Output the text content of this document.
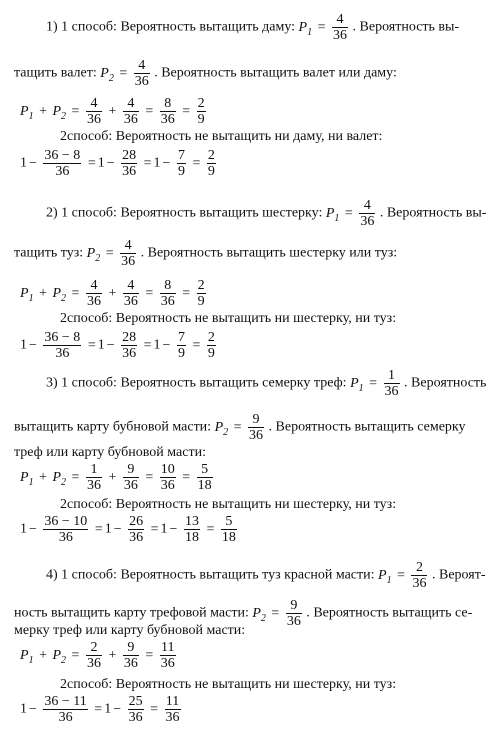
1) 1 способ: Вероятность вытащить даму: $P_1 = \frac{4}{36}$ . Вероятность вы-
тащить валет: $P_2 = \frac{4}{36}$ . Вероятность вытащить валет или даму:
$P_1 + P_2 = \frac{4}{36} + \frac{4}{36} = \frac{8}{36} = \frac{2}{9}$
2способ: Вероятность не вытащить ни даму, ни валет:
$1 - \frac{36 - 8}{36} = 1 - \frac{28}{36} = 1 - \frac{7}{9} = \frac{2}{9}$
2) 1 способ: Вероятность вытащить шестерку: $P_1 = \frac{4}{36}$ . Вероятность вы-
тащить туз: $P_2 = \frac{4}{36}$ . Вероятность вытащить шестерку или туз:
$P_1 + P_2 = \frac{4}{36} + \frac{4}{36} = \frac{8}{36} = \frac{2}{9}$
2способ: Вероятность не вытащить ни шестерку, ни туз:
$1 - \frac{36 - 8}{36} = 1 - \frac{28}{36} = 1 - \frac{7}{9} = \frac{2}{9}$
3) 1 способ: Вероятность вытащить семерку треф: $P_1 = \frac{1}{36}$ . Вероятность
вытащить карту бубновой масти: $P_2 = \frac{9}{36}$ . Вероятность вытащить семерку
треф или карту бубновой масти:
$P_1 + P_2 = \frac{1}{36} + \frac{9}{36} = \frac{10}{36} = \frac{5}{18}$
2способ: Вероятность не вытащить ни шестерку, ни туз:
$1 - \frac{36 - 10}{36} = 1 - \frac{26}{36} = 1 - \frac{13}{18} = \frac{5}{18}$
4) 1 способ: Вероятность вытащить туз красной масти: $P_1 = \frac{2}{36}$ . Вероят-
ность вытащить карту трефовой масти: $P_2 = \frac{9}{36}$ . Вероятность вытащить се-
мерку треф или карту бубновой масти:
$P_1 + P_2 = \frac{2}{36} + \frac{9}{36} = \frac{11}{36}$
2способ: Вероятность не вытащить ни шестерку, ни туз:
$1 - \frac{36 - 11}{36} = 1 - \frac{25}{36} = \frac{11}{36}$
